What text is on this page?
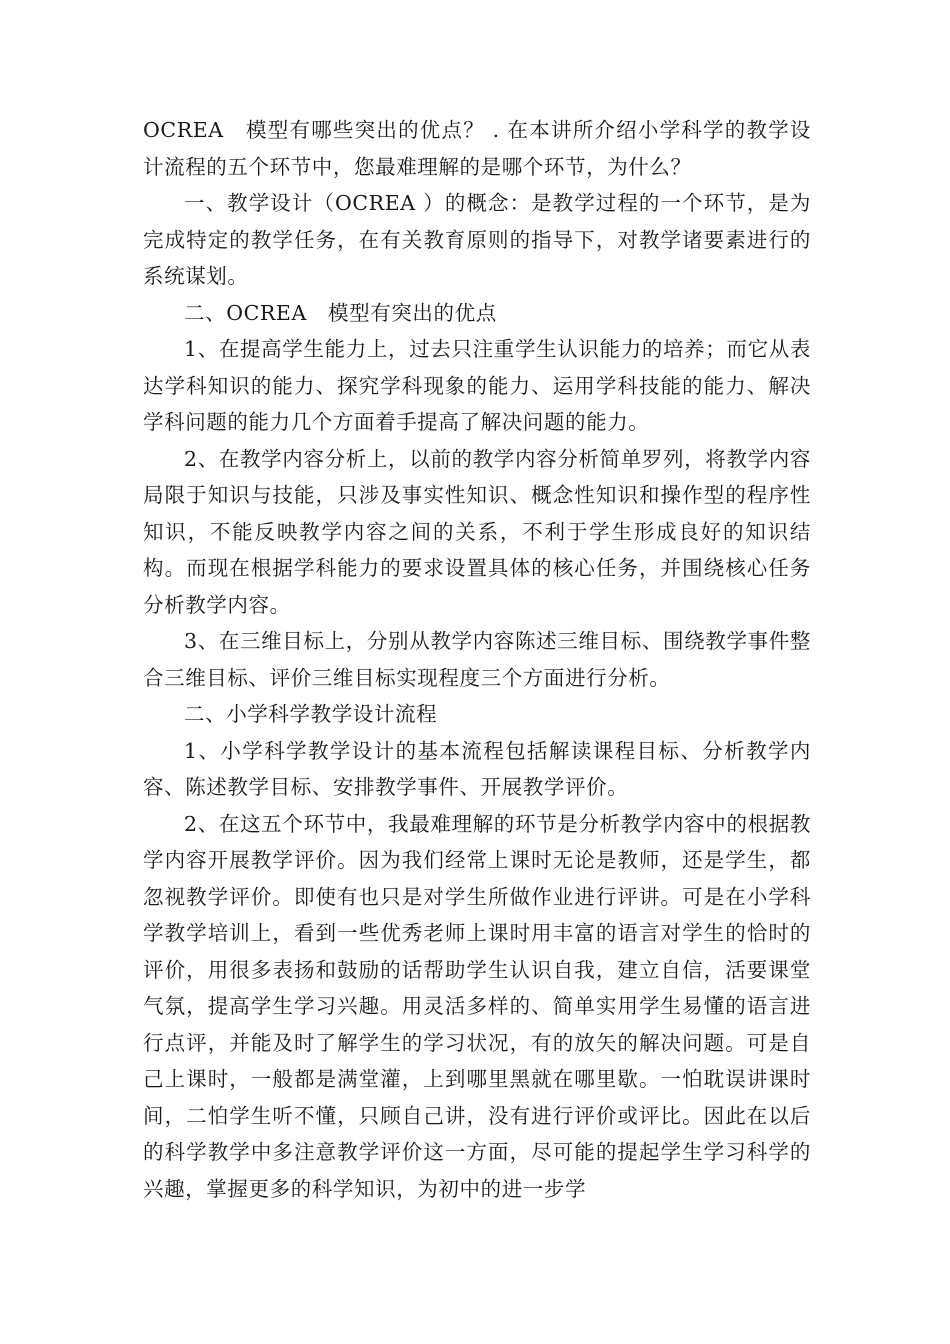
OCREA　模型有哪些突出的优点？ . 在本讲所介绍小学科学的教学设计流程的五个环节中，您最难理解的是哪个环节，为什么？

一、教学设计（OCREA ）的概念：是教学过程的一个环节，是为完成特定的教学任务，在有关教育原则的指导下，对教学诸要素进行的系统谋划。

二、OCREA　模型有突出的优点

1、在提高学生能力上，过去只注重学生认识能力的培养；而它从表达学科知识的能力、探究学科现象的能力、运用学科技能的能力、解决学科问题的能力几个方面着手提高了解决问题的能力。

2、在教学内容分析上，以前的教学内容分析简单罗列，将教学内容局限于知识与技能，只涉及事实性知识、概念性知识和操作型的程序性知识，不能反映教学内容之间的关系，不利于学生形成良好的知识结构。而现在根据学科能力的要求设置具体的核心任务，并围绕核心任务分析教学内容。

3、在三维目标上，分别从教学内容陈述三维目标、围绕教学事件整合三维目标、评价三维目标实现程度三个方面进行分析。

二、小学科学教学设计流程

1、小学科学教学设计的基本流程包括解读课程目标、分析教学内容、陈述教学目标、安排教学事件、开展教学评价。

2、在这五个环节中，我最难理解的环节是分析教学内容中的根据教学内容开展教学评价。因为我们经常上课时无论是教师，还是学生，都忽视教学评价。即使有也只是对学生所做作业进行评讲。可是在小学科学教学培训上，看到一些优秀老师上课时用丰富的语言对学生的恰时的评价，用很多表扬和鼓励的话帮助学生认识自我，建立自信，活要课堂气氛，提高学生学习兴趣。用灵活多样的、简单实用学生易懂的语言进行点评，并能及时了解学生的学习状况，有的放矢的解决问题。可是自己上课时，一般都是满堂灌，上到哪里黑就在哪里歇。一怕耽误讲课时间，二怕学生听不懂，只顾自己讲，没有进行评价或评比。因此在以后的科学教学中多注意教学评价这一方面，尽可能的提起学生学习科学的兴趣，掌握更多的科学知识，为初中的进一步学
